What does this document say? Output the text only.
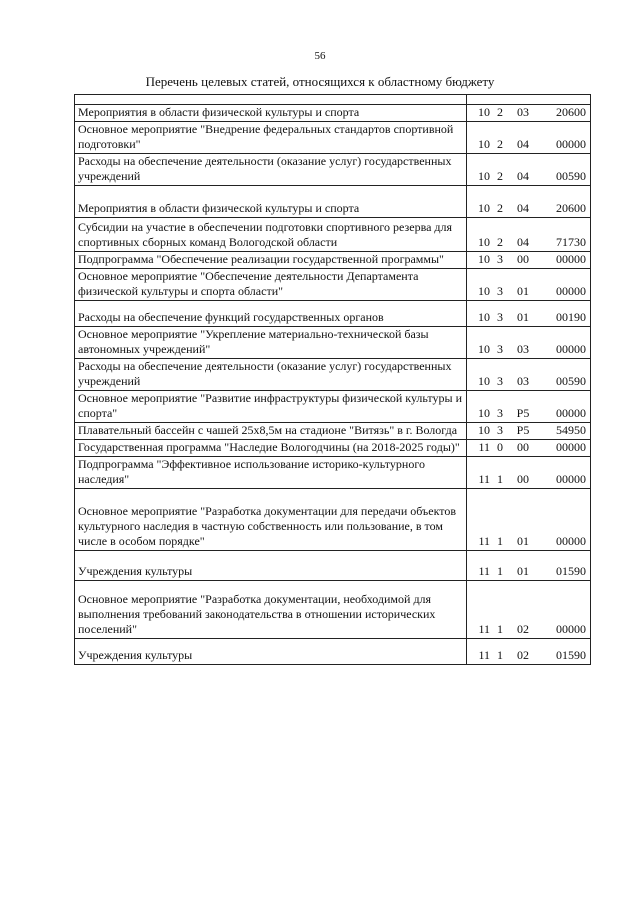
56
Перечень целевых статей, относящихся к областному бюджету

Мероприятия в области физической культуры и спорта	10 2 03 20600

Основное мероприятие "Внедрение федеральных стандартов спортивной подготовки"	10 2 04 00000

Расходы на обеспечение деятельности (оказание услуг) государственных учреждений	10 2 04 00590

Мероприятия в области физической культуры и спорта	10 2 04 20600

Субсидии на участие в обеспечении подготовки спортивного резерва для спортивных сборных команд Вологодской области	10 2 04 71730

Подпрограмма "Обеспечение реализации государственной программы"	10 3 00 00000

Основное мероприятие "Обеспечение деятельности Департамента физической культуры и спорта области"	10 3 01 00000

Расходы на обеспечение функций государственных органов	10 3 01 00190

Основное мероприятие "Укрепление материально-технической базы автономных учреждений"	10 3 03 00000

Расходы на обеспечение деятельности (оказание услуг) государственных учреждений	10 3 03 00590

Основное мероприятие "Развитие инфраструктуры физической культуры и спорта"	10 3 P5 00000

Плавательный бассейн с чашей 25х8,5м на стадионе "Витязь" в г. Вологда	10 3 P5 54950

Государственная программа "Наследие Вологодчины (на 2018-2025 годы)"	11 0 00 00000

Подпрограмма "Эффективное использование историко-культурного наследия"	11 1 00 00000

Основное мероприятие "Разработка документации для передачи объектов культурного наследия в частную собственность или пользование, в том числе в особом порядке"	11 1 01 00000

Учреждения культуры	11 1 01 01590

Основное мероприятие "Разработка документации, необходимой для выполнения требований законодательства в отношении исторических поселений"	11 1 02 00000

Учреждения культуры	11 1 02 01590
